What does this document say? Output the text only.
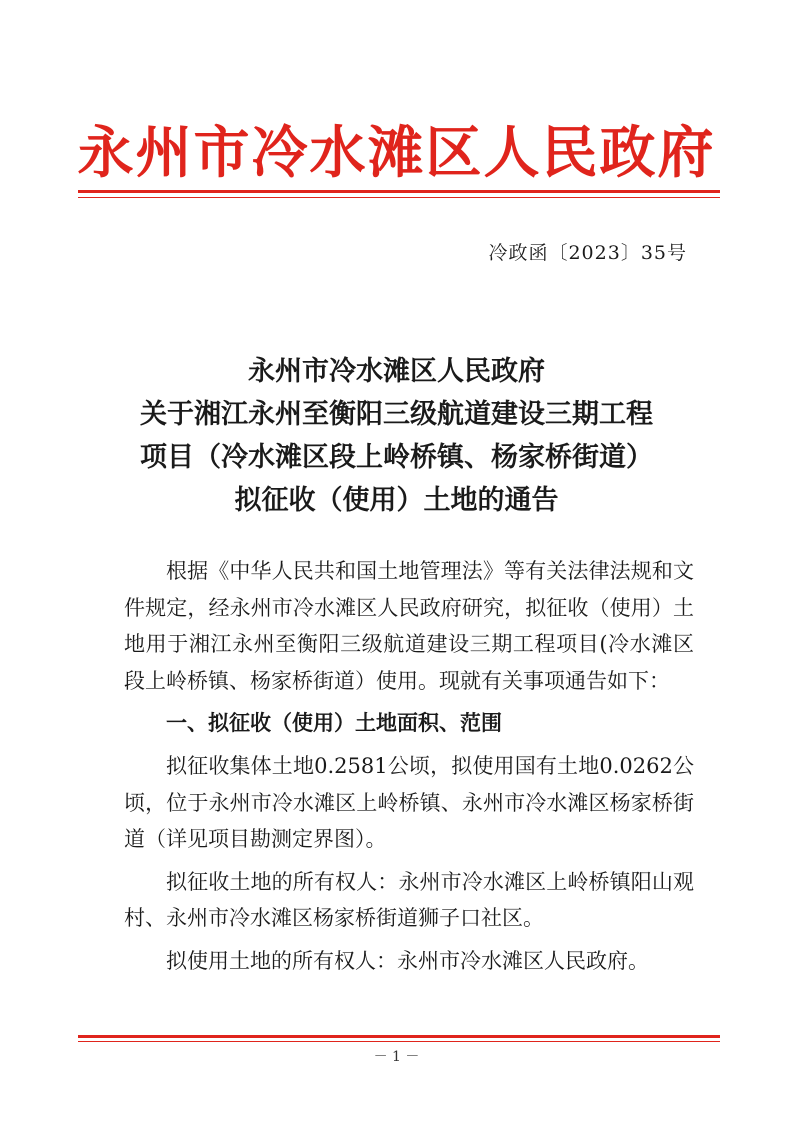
永州市冷水滩区人民政府
冷政函〔2023〕35号
永州市冷水滩区人民政府
关于湘江永州至衡阳三级航道建设三期工程
项目（冷水滩区段上岭桥镇、杨家桥街道）
拟征收（使用）土地的通告

根据《中华人民共和国土地管理法》等有关法律法规和文件规定，经永州市冷水滩区人民政府研究，拟征收（使用）土地用于湘江永州至衡阳三级航道建设三期工程项目(冷水滩区段上岭桥镇、杨家桥街道）使用。现就有关事项通告如下：

一、拟征收（使用）土地面积、范围

拟征收集体土地0.2581公顷，拟使用国有土地0.0262公顷，位于永州市冷水滩区上岭桥镇、永州市冷水滩区杨家桥街道（详见项目勘测定界图）。

拟征收土地的所有权人：永州市冷水滩区上岭桥镇阳山观村、永州市冷水滩区杨家桥街道狮子口社区。

拟使用土地的所有权人：永州市冷水滩区人民政府。

－ 1 －
